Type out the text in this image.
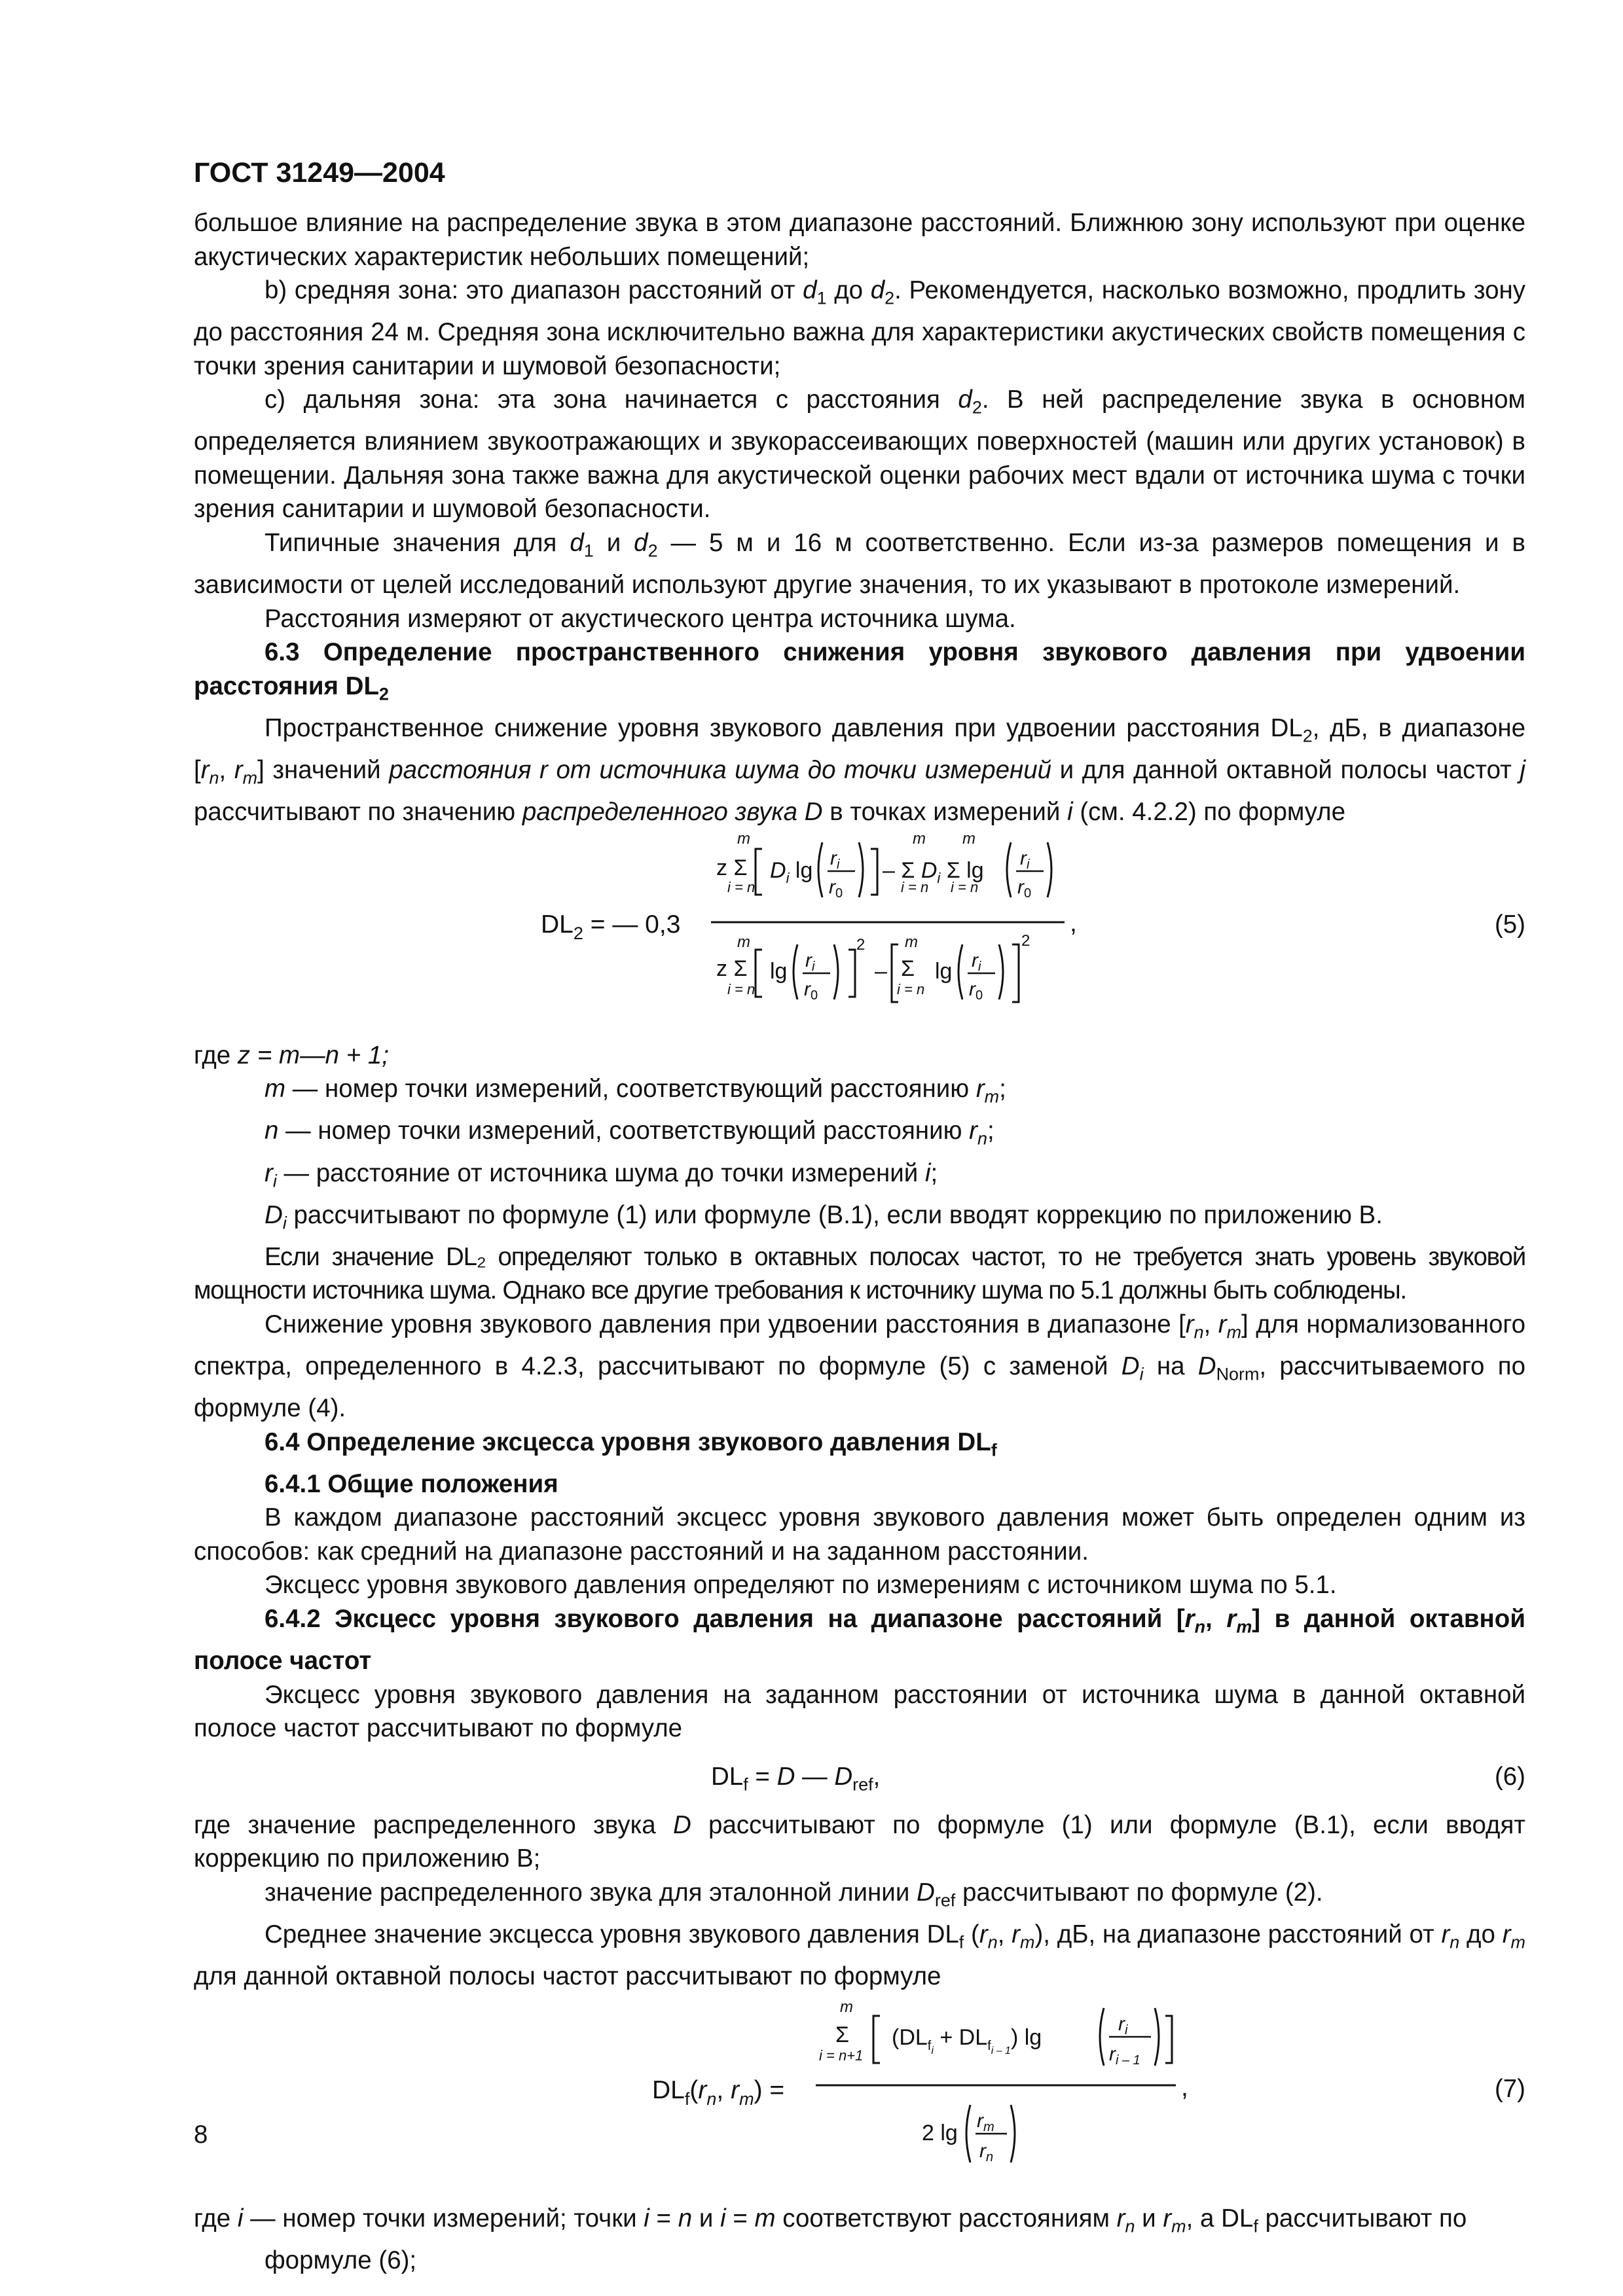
ГОСТ 31249—2004

большое влияние на распределение звука в этом диапазоне расстояний. Ближнюю зону используют при оценке акустических характеристик небольших помещений;

b) средняя зона: это диапазон расстояний от $d_1$ до $d_2$. Рекомендуется, насколько возможно, продлить зону до расстояния 24 м. Средняя зона исключительно важна для характеристики акустических свойств помещения с точки зрения санитарии и шумовой безопасности;

с) дальняя зона: эта зона начинается с расстояния $d_2$. В ней распределение звука в основном определяется влиянием звукоотражающих и звукорассеивающих поверхностей (машин или других установок) в помещении. Дальняя зона также важна для акустической оценки рабочих мест вдали от источника шума с точки зрения санитарии и шумовой безопасности.

Типичные значения для $d_1$ и $d_2$ — 5 м и 16 м соответственно. Если из-за размеров помещения и в зависимости от целей исследований используют другие значения, то их указывают в протоколе измерений.

Расстояния измеряют от акустического центра источника шума.

6.3 Определение пространственного снижения уровня звукового давления при удвоении расстояния $DL_2$

Пространственное снижение уровня звукового давления при удвоении расстояния $DL_2$, дБ, в диапазоне [$r_n$, $r_m$] значений расстояния r от источника шума до точки измерений и для данной октавной полосы частот j рассчитывают по значению распределенного звука D в точках измерений i (см. 4.2.2) по формуле

$DL_2$ = — 0,3
m
z Σ
i = n
$D_i$ $\lg r_i$
$r_0$
– Σ $D_i$ Σ lg
m m
i = n i = n
$r_i$
$r_0$
m
z Σ
i = n
$\lg r_i$
$r_0$
2
–
m
Σ
i = n
$\lg r_i$
$r_0$
2
,	(5)

где z = m—n + 1;

m — номер точки измерений, соответствующий расстоянию $r_m$;

n — номер точки измерений, соответствующий расстоянию $r_n$;

$r_i$ — расстояние от источника шума до точки измерений i;

$D_i$ рассчитывают по формуле (1) или формуле (В.1), если вводят коррекцию по приложению В.

Если значение DL₂ определяют только в октавных полосах частот, то не требуется знать уровень звуковой мощности источника шума. Однако все другие требования к источнику шума по 5.1 должны быть соблюдены.

Снижение уровня звукового давления при удвоении расстояния в диапазоне [$r_n$, $r_m$] для нормализованного спектра, определенного в 4.2.3, рассчитывают по формуле (5) с заменой $D_i$ на $D_{Norm}$, рассчитываемого по формуле (4).

6.4 Определение эксцесса уровня звукового давления $DL_f$

6.4.1 Общие положения

В каждом диапазоне расстояний эксцесс уровня звукового давления может быть определен одним из способов: как средний на диапазоне расстояний и на заданном расстоянии.

Эксцесс уровня звукового давления определяют по измерениям с источником шума по 5.1.

6.4.2 Эксцесс уровня звукового давления на диапазоне расстояний [$r_n$, $r_m$] в данной октавной полосе частот

Эксцесс уровня звукового давления на заданном расстоянии от источника шума в данной октавной полосе частот рассчитывают по формуле

$DL_f = D$ — $D_{ref}$,	(6)

где значение распределенного звука D рассчитывают по формуле (1) или формуле (В.1), если вводят коррекцию по приложению В;

значение распределенного звука для эталонной линии $D_{ref}$ рассчитывают по формуле (2).

Среднее значение эксцесса уровня звукового давления $DL_f$ ($r_n$, $r_m$), дБ, на диапазоне расстояний от $r_n$ до $r_m$ для данной октавной полосы частот рассчитывают по формуле

$DL_f(r_n$, $r_m$) =
m
Σ
i = n+1
$(DL_fi + DL_fi - 1)$ lg
$r_i$
$r_{i - 1}$
2 $\lg r_m$
$r_n$
,	(7)

где i — номер точки измерений; точки i = n и i = m соответствуют расстояниям $r_n$ и $r_m$, а $DL_f$ рассчитывают по формуле (6);

8
